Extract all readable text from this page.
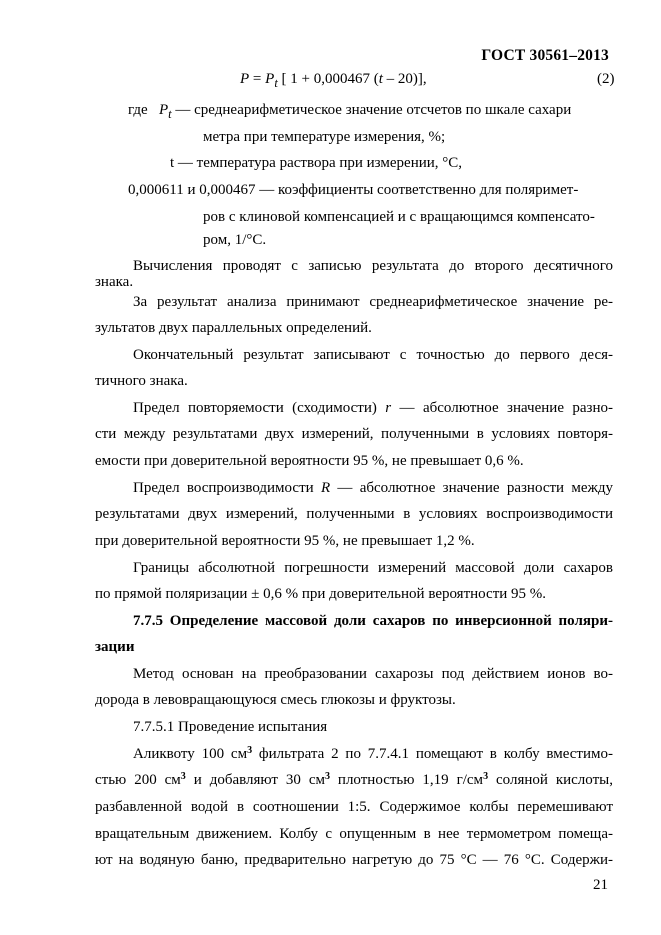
ГОСТ 30561–2013
$P = P_t$ [ 1 + 0,000467 (t – 20)],	(2)
где $P_t$ — среднеарифметическое значение отсчетов по шкале сахари
метра при температуре измерения, %;
t — температура раствора при измерении, °C,
0,000611 и 0,000467 — коэффициенты соответственно для поляримет-
ров с клиновой компенсацией и с вращающимся компенсато-
ром, 1/°C.
Вычисления проводят с записью результата до второго десятичного
знака.
За результат анализа принимают среднеарифметическое значение ре-
зультатов двух параллельных определений.
Окончательный результат записывают с точностью до первого деся-
тичного знака.
Предел повторяемости (сходимости) r — абсолютное значение разно-
сти между результатами двух измерений, полученными в условиях повторя-
емости при доверительной вероятности 95 %, не превышает 0,6 %.
Предел воспроизводимости R — абсолютное значение разности между
результатами двух измерений, полученными в условиях воспроизводимости
при доверительной вероятности 95 %, не превышает 1,2 %.
Границы абсолютной погрешности измерений массовой доли сахаров
по прямой поляризации ± 0,6 % при доверительной вероятности 95 %.
7.7.5 Определение массовой доли сахаров по инверсионной поляри-
зации
Метод основан на преобразовании сахарозы под действием ионов во-
дорода в левовращающуюся смесь глюкозы и фруктозы.
7.7.5.1 Проведение испытания
Аликвоту 100 $см^3$ фильтрата 2 по 7.7.4.1 помещают в колбу вместимо-
стью 200 $см^3$ и добавляют 30 $см^3$ плотностью 1,19 $г/см^3$ соляной кислоты,
разбавленной водой в соотношении 1:5. Содержимое колбы перемешивают
вращательным движением. Колбу с опущенным в нее термометром помеща-
ют на водяную баню, предварительно нагретую до 75 °С — 76 °С. Содержи-
21
